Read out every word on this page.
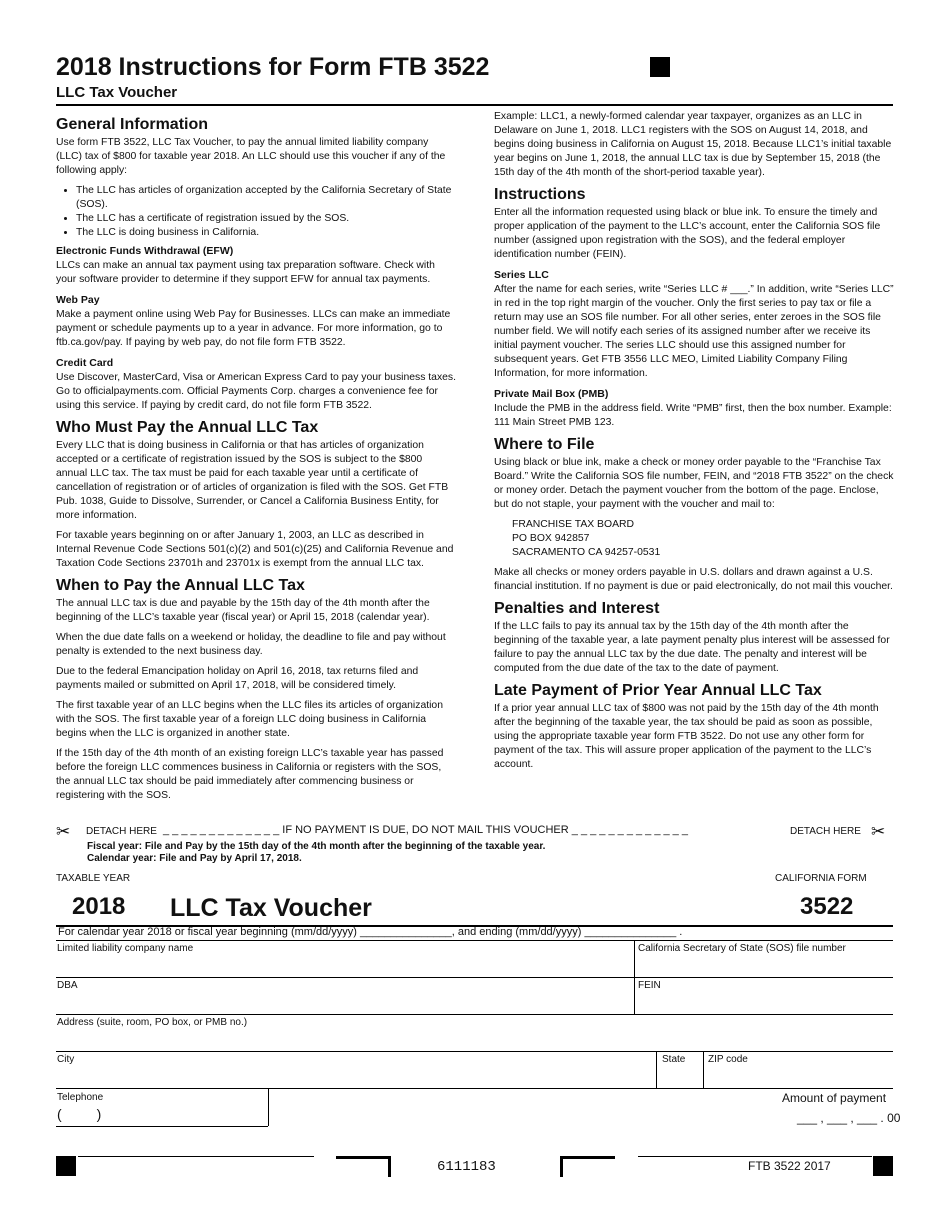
2018 Instructions for Form FTB 3522
LLC Tax Voucher
General Information

Use form FTB 3522, LLC Tax Voucher, to pay the annual limited liability company (LLC) tax of $800 for taxable year 2018. An LLC should use this voucher if any of the following apply:

• The LLC has articles of organization accepted by the California Secretary of State (SOS).
• The LLC has a certificate of registration issued by the SOS.
• The LLC is doing business in California.
Electronic Funds Withdrawal (EFW)

LLCs can make an annual tax payment using tax preparation software. Check with your software provider to determine if they support EFW for annual tax payments.

Web Pay

Make a payment online using Web Pay for Businesses. LLCs can make an immediate payment or schedule payments up to a year in advance. For more information, go to ftb.ca.gov/pay. If paying by web pay, do not file form FTB 3522.

Credit Card

Use Discover, MasterCard, Visa or American Express Card to pay your business taxes. Go to officialpayments.com. Official Payments Corp. charges a convenience fee for using this service. If paying by credit card, do not file form FTB 3522.

Who Must Pay the Annual LLC Tax

Every LLC that is doing business in California or that has articles of organization accepted or a certificate of registration issued by the SOS is subject to the $800 annual LLC tax. The tax must be paid for each taxable year until a certificate of cancellation of registration or of articles of organization is filed with the SOS. Get FTB Pub. 1038, Guide to Dissolve, Surrender, or Cancel a California Business Entity, for more information.

For taxable years beginning on or after January 1, 2003, an LLC as described in Internal Revenue Code Sections 501(c)(2) and 501(c)(25) and California Revenue and Taxation Code Sections 23701h and 23701x is exempt from the annual LLC tax.

When to Pay the Annual LLC Tax

The annual LLC tax is due and payable by the 15th day of the 4th month after the beginning of the LLC’s taxable year (fiscal year) or April 15, 2018 (calendar year).

When the due date falls on a weekend or holiday, the deadline to file and pay without penalty is extended to the next business day.

Due to the federal Emancipation holiday on April 16, 2018, tax returns filed and payments mailed or submitted on April 17, 2018, will be considered timely.

The first taxable year of an LLC begins when the LLC files its articles of organization with the SOS. The first taxable year of a foreign LLC doing business in California begins when the LLC is organized in another state.

If the 15th day of the 4th month of an existing foreign LLC’s taxable year has passed before the foreign LLC commences business in California or registers with the SOS, the annual LLC tax should be paid immediately after commencing business or registering with the SOS.

Example: LLC1, a newly-formed calendar year taxpayer, organizes as an LLC in Delaware on June 1, 2018. LLC1 registers with the SOS on August 14, 2018, and begins doing business in California on August 15, 2018. Because LLC1’s initial taxable year begins on June 1, 2018, the annual LLC tax is due by September 15, 2018 (the 15th day of the 4th month of the short-period taxable year).

Instructions

Enter all the information requested using black or blue ink. To ensure the timely and proper application of the payment to the LLC’s account, enter the California SOS file number (assigned upon registration with the SOS), and the federal employer identification number (FEIN).

Series LLC

After the name for each series, write “Series LLC # ___.” In addition, write “Series LLC” in red in the top right margin of the voucher. Only the first series to pay tax or file a return may use an SOS file number. For all other series, enter zeroes in the SOS file number field. We will notify each series of its assigned number after we receive its initial payment voucher. The series LLC should use this assigned number for subsequent years. Get FTB 3556 LLC MEO, Limited Liability Company Filing Information, for more information.

Private Mail Box (PMB)

Include the PMB in the address field. Write “PMB” first, then the box number. Example: 111 Main Street PMB 123.

Where to File

Using black or blue ink, make a check or money order payable to the “Franchise Tax Board.” Write the California SOS file number, FEIN, and “2018 FTB 3522” on the check or money order. Detach the payment voucher from the bottom of the page. Enclose, but do not staple, your payment with the voucher and mail to:

FRANCHISE TAX BOARD
PO BOX 942857
SACRAMENTO CA 94257-0531

Make all checks or money orders payable in U.S. dollars and drawn against a U.S. financial institution. If no payment is due or paid electronically, do not mail this voucher.

Penalties and Interest

If the LLC fails to pay its annual tax by the 15th day of the 4th month after the beginning of the taxable year, a late payment penalty plus interest will be assessed for failure to pay the annual LLC tax by the due date. The penalty and interest will be computed from the due date of the tax to the date of payment.

Late Payment of Prior Year Annual LLC Tax

If a prior year annual LLC tax of $800 was not paid by the 15th day of the 4th month after the beginning of the taxable year, the tax should be paid as soon as possible, using the appropriate taxable year form FTB 3522. Do not use any other form for payment of the tax. This will assure proper application of the payment to the LLC’s account.

✂ DETACH HERE _ _ _ _ _ _ _ _ _ _ _ _ _ IF NO PAYMENT IS DUE, DO NOT MAIL THIS VOUCHER _ _ _ _ _ _ _ _ _ _ _ _ _	DETACH HERE ✂
Fiscal year: File and Pay by the 15th day of the 4th month after the beginning of the taxable year.
Calendar year: File and Pay by April 17, 2018.
TAXABLE YEAR	CALIFORNIA FORM
2018 LLC Tax Voucher	3522
For calendar year 2018 or fiscal year beginning (mm/dd/yyyy) _______________, and ending (mm/dd/yyyy) _______________ .
Limited liability company name	California Secretary of State (SOS) file number
DBA	FEIN
Address (suite, room, PO box, or PMB no.)
City	State ZIP code
Telephone
(         )
Amount of payment
___ , ___ , ___ . 00
6111183	FTB 3522 2017
